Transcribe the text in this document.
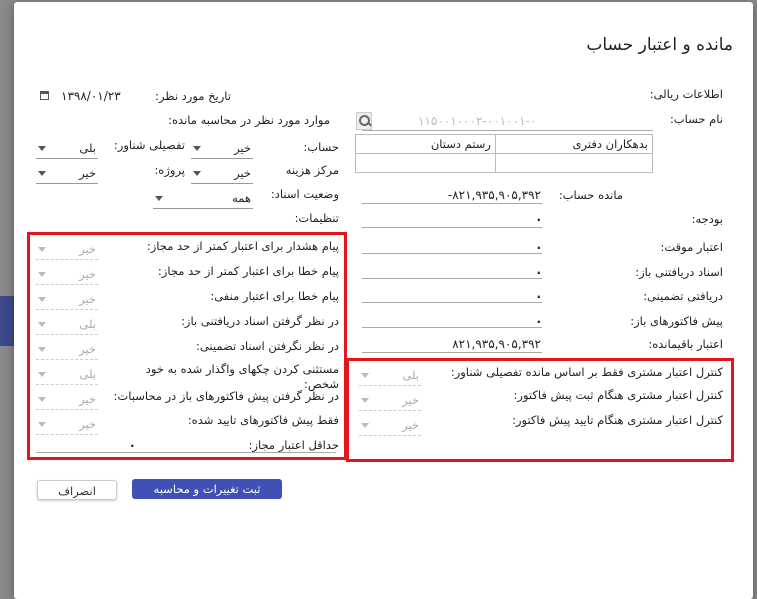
مانده و اعتبار حساب
اطلاعات ریالی:
تاریخ مورد نظر:
۱۳۹۸/۰۱/۲۳
نام حساب:
۱۱۵۰۰۱۰۰۰۲-۰۰۱۰۰۱-۰
موارد مورد نظر در محاسبه مانده:
بدهکاران دفتری
رستم دستان
حساب:
خیر
تفصیلی شناور:
بلی
مرکز هزینه
خیر
پروژه:
خیر
وضعیت اسناد:
همه
تنظیمات:
مانده حساب:
-۸۲۱,۹۳۵,۹۰۵,۳۹۲
بودجه:
.
اعتبار موقت:
.
اسناد دریافتنی باز:
.
دریافتی تضمینی:
.
پیش فاکتورهای باز:
.
اعتبار باقیمانده:
۸۲۱,۹۳۵,۹۰۵,۳۹۲
پیام هشدار برای اعتبار کمتر از حد مجاز:
خیر
پیام خطا برای اعتبار کمتر از حد مجاز:
خیر
پیام خطا برای اعتبار منفی:
خیر
در نظر گرفتن اسناد دریافتنی باز:
بلی
در نظر نگرفتن اسناد تضمینی:
خیر
مستثنی کردن چکهای واگذار شده به خود شخص:
بلی
در نظر گرفتن پیش فاکتورهای باز در محاسبات:
خیر
فقط پیش فاکتورهای تایید شده:
خیر
حداقل اعتبار مجاز:
.
کنترل اعتبار مشتری فقط بر اساس مانده تفصیلی شناور:
بلی
کنترل اعتبار مشتری هنگام ثبت پیش فاکتور:
خیر
کنترل اعتبار مشتری هنگام تایید پیش فاکتور:
خیر
ثبت تغییرات و محاسبه
انصراف
